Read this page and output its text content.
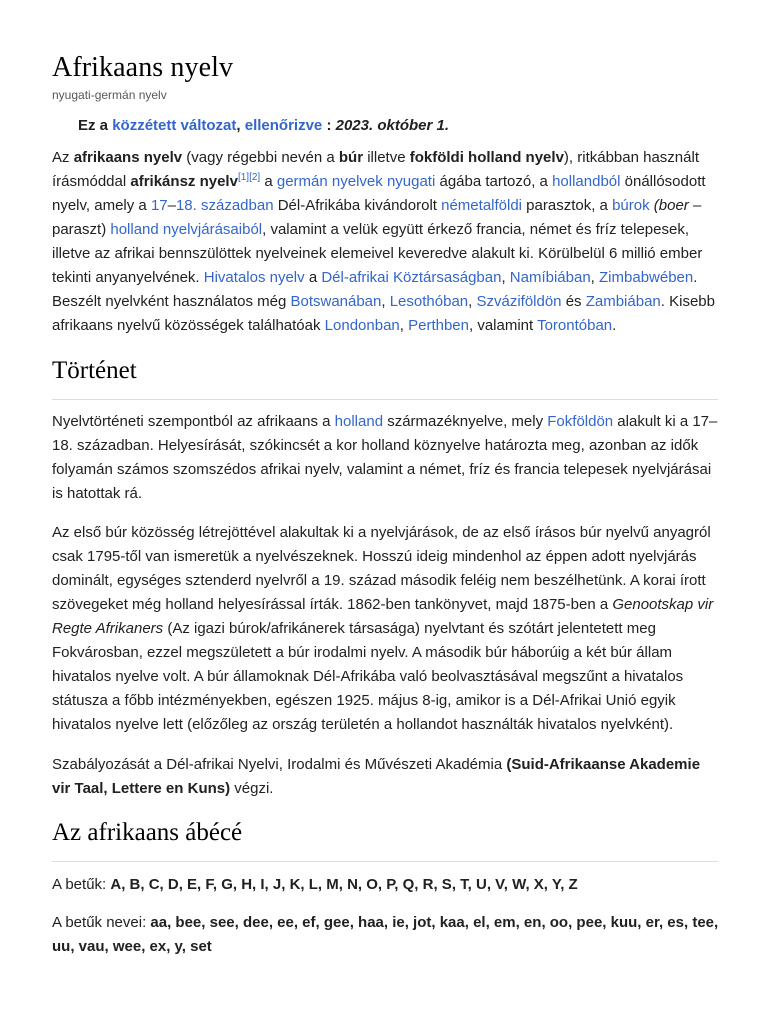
Afrikaans nyelv
nyugati-germán nyelv
Ez a közzétett változat, ellenőrizve : 2023. október 1.

Az afrikaans nyelv (vagy régebbi nevén a búr illetve fokföldi holland nyelv), ritkábban használt írásmóddal afrikánsz nyelv[1][2] a germán nyelvek nyugati ágába tartozó, a hollandból önállósodott nyelv, amely a 17–18. században Dél-Afrikába kivándorolt németalföldi parasztok, a búrok (boer – paraszt) holland nyelvjárásaiból, valamint a velük együtt érkező francia, német és fríz telepesek, illetve az afrikai bennszülöttek nyelveinek elemeivel keveredve alakult ki. Körülbelül 6 millió ember tekinti anyanyelvének. Hivatalos nyelv a Dél-afrikai Köztársaságban, Namíbiában, Zimbabwében. Beszélt nyelvként használatos még Botswanában, Lesothóban, Szváziföldön és Zambiában. Kisebb afrikaans nyelvű közösségek találhatóak Londonban, Perthben, valamint Torontóban.

Történet

Nyelvtörténeti szempontból az afrikaans a holland származéknyelve, mely Fokföldön alakult ki a 17–18. században. Helyesírását, szókincsét a kor holland köznyelve határozta meg, azonban az idők folyamán számos szomszédos afrikai nyelv, valamint a német, fríz és francia telepesek nyelvjárásai is hatottak rá.

Az első búr közösség létrejöttével alakultak ki a nyelvjárások, de az első írásos búr nyelvű anyagról csak 1795-től van ismeretük a nyelvészeknek. Hosszú ideig mindenhol az éppen adott nyelvjárás dominált, egységes sztenderd nyelvről a 19. század második feléig nem beszélhetünk. A korai írott szövegeket még holland helyesírással írták. 1862-ben tankönyvet, majd 1875-ben a Genootskap vir Regte Afrikaners (Az igazi búrok/afrikánerek társasága) nyelvtant és szótárt jelentetett meg Fokvárosban, ezzel megszületett a búr irodalmi nyelv. A második búr háborúig a két búr állam hivatalos nyelve volt. A búr államoknak Dél-Afrikába való beolvasztásával megszűnt a hivatalos státusza a főbb intézményekben, egészen 1925. május 8-ig, amikor is a Dél-Afrikai Unió egyik hivatalos nyelve lett (előzőleg az ország területén a hollandot használták hivatalos nyelvként).

Szabályozását a Dél-afrikai Nyelvi, Irodalmi és Művészeti Akadémia (Suid-Afrikaanse Akademie vir Taal, Lettere en Kuns) végzi.

Az afrikaans ábécé

A betűk: A, B, C, D, E, F, G, H, I, J, K, L, M, N, O, P, Q, R, S, T, U, V, W, X, Y, Z

A betűk nevei: aa, bee, see, dee, ee, ef, gee, haa, ie, jot, kaa, el, em, en, oo, pee, kuu, er, es, tee, uu, vau, wee, ex, y, set
